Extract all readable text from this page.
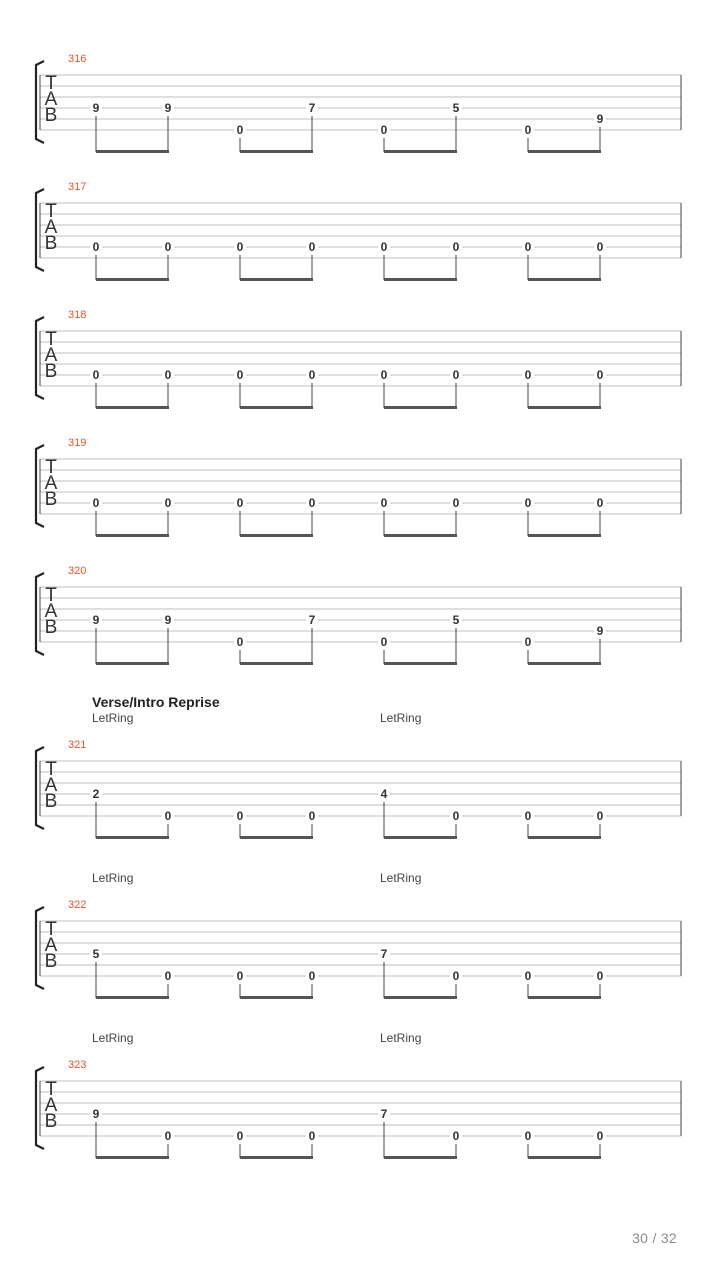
T
A
B
316
9	9
0
7
0
5
0
9
T
A
B
317
0	0	0	0	0	0	0	0
T
A
B
318
0	0	0	0	0	0	0	0
T
A
B
319
0	0	0	0	0	0	0	0
T
A
B
320
9	9
0
7
0
5
0
9
T
A
B
321
LetRing	LetRing
2
0	0	0
4
0	0	0
T
A
B
322
LetRing	LetRing
5
0	0	0
7
0	0	0
T
A
B
323
LetRing	LetRing
9
0	0	0
7
0	0	0
Verse/Intro Reprise
30 / 32
